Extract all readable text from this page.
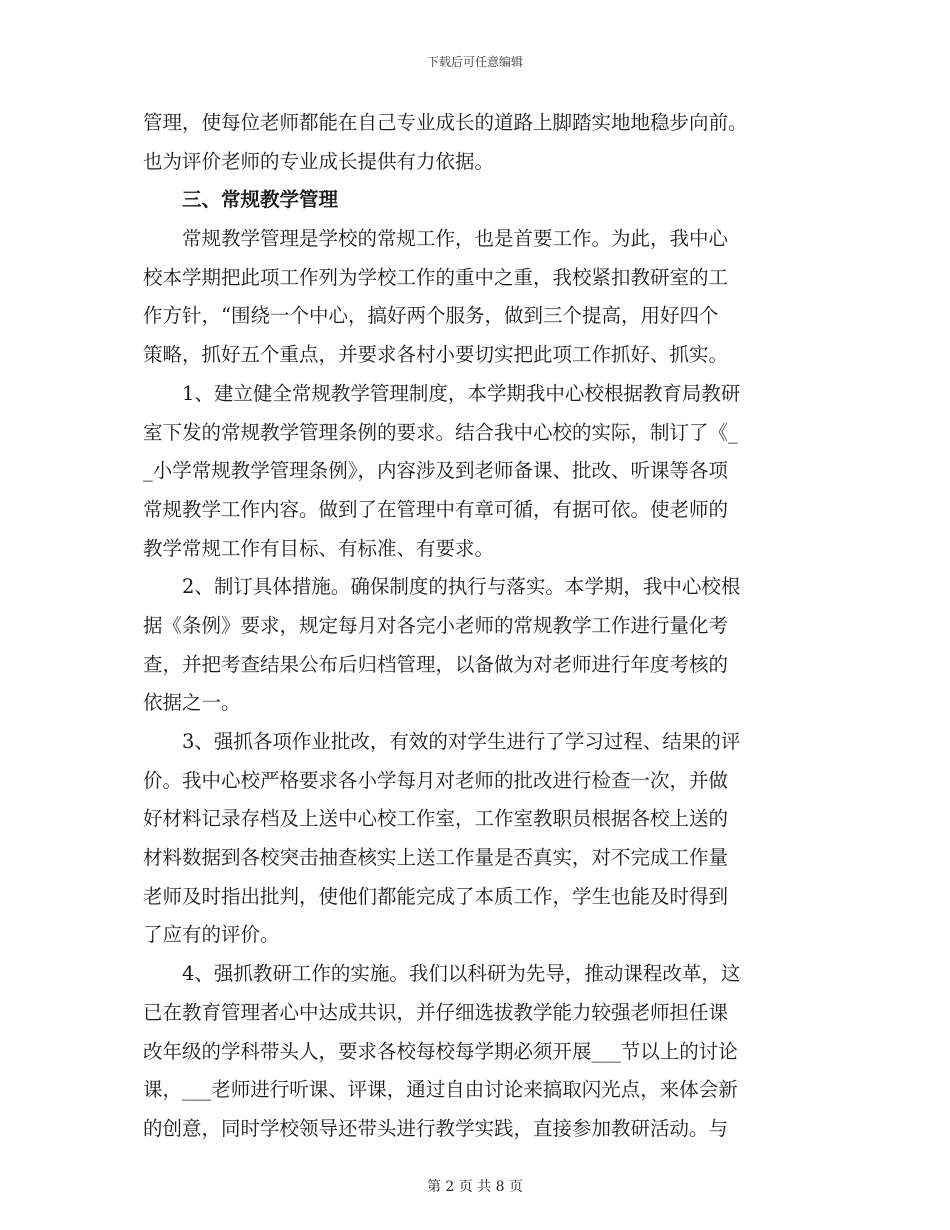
下载后可任意编辑
管理，使每位老师都能在自己专业成长的道路上脚踏实地地稳步向前。
也为评价老师的专业成长提供有力依据。
　　三、常规教学管理
　　常规教学管理是学校的常规工作，也是首要工作。为此，我中心
校本学期把此项工作列为学校工作的重中之重，我校紧扣教研室的工
作方针，“围绕一个中心，搞好两个服务，做到三个提高，用好四个
策略，抓好五个重点，并要求各村小要切实把此项工作抓好、抓实。
　　1、建立健全常规教学管理制度，本学期我中心校根据教育局教研
室下发的常规教学管理条例的要求。结合我中心校的实际，制订了《_
_小学常规教学管理条例》，内容涉及到老师备课、批改、听课等各项
常规教学工作内容。做到了在管理中有章可循，有据可依。使老师的
教学常规工作有目标、有标准、有要求。
　　2、制订具体措施。确保制度的执行与落实。本学期，我中心校根
据《条例》要求，规定每月对各完小老师的常规教学工作进行量化考
查，并把考查结果公布后归档管理，以备做为对老师进行年度考核的
依据之一。
　　3、强抓各项作业批改，有效的对学生进行了学习过程、结果的评
价。我中心校严格要求各小学每月对老师的批改进行检查一次，并做
好材料记录存档及上送中心校工作室，工作室教职员根据各校上送的
材料数据到各校突击抽查核实上送工作量是否真实，对不完成工作量
老师及时指出批判，使他们都能完成了本质工作，学生也能及时得到
了应有的评价。
　　4、强抓教研工作的实施。我们以科研为先导，推动课程改革，这
已在教育管理者心中达成共识，并仔细选拔教学能力较强老师担任课
改年级的学科带头人，要求各校每校每学期必须开展___节以上的讨论
课，___老师进行听课、评课，通过自由讨论来搞取闪光点，来体会新
的创意，同时学校领导还带头进行教学实践，直接参加教研活动。与
第 2 页 共 8 页
